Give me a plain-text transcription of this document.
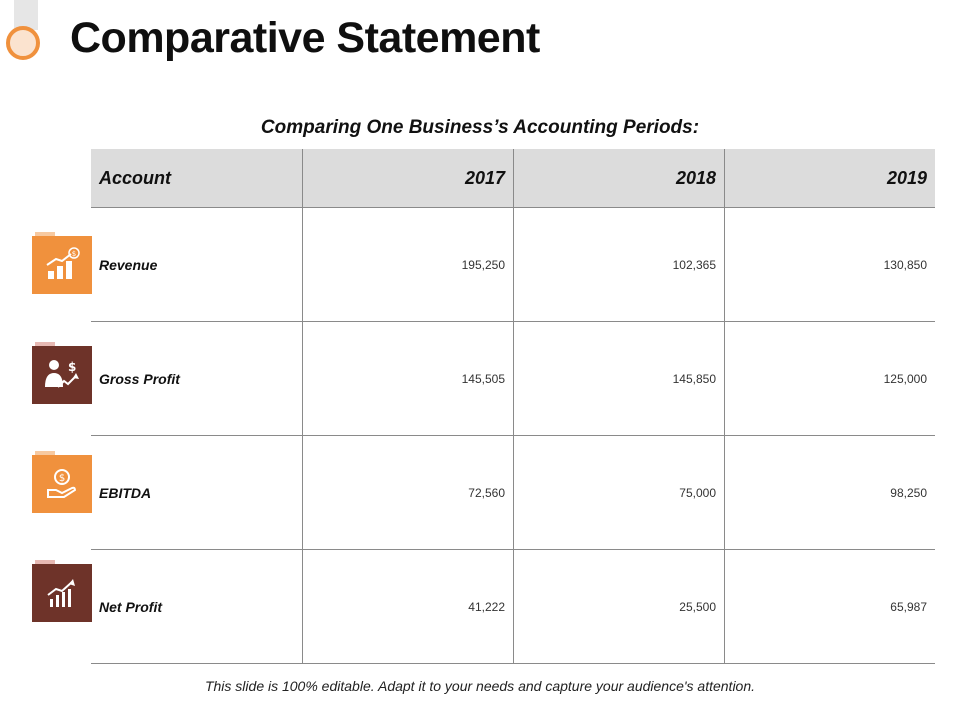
Comparative Statement

Comparing One Business’s Accounting Periods:

Account	2017	2018	2019
Revenue	195,250	102,365	130,850
Gross Profit	145,505	145,850	125,000
EBITDA	72,560	75,000	98,250
Net Profit	41,222	25,500	65,987
$
$
$

This slide is 100% editable. Adapt it to your needs and capture your audience's attention.
